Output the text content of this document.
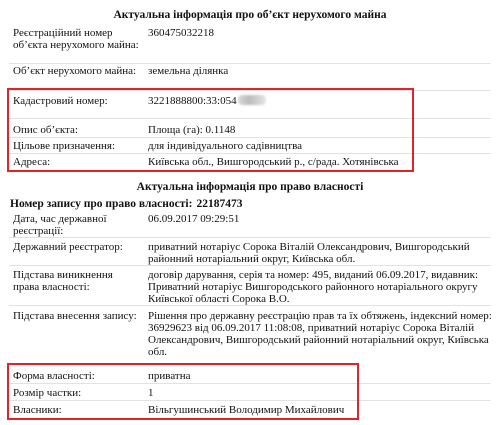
Актуальна інформація про об’єкт нерухомого майна
Реєстраційний номер об’єкта нерухомого майна:
360475032218
Об’єкт нерухомого майна: земельна ділянка
Кадастровий номер:	3221888800:33:054
Опис об’єкта:	Площа (га): 0.1148
Цільове призначення:	для індивідуального садівництва
Адреса:	Київська обл., Вишгородський р., с/рада. Хотянівська
Актуальна інформація про право власності
Номер запису про право власності: 22187473
Дата, час державної реєстрації:
06.09.2017 09:29:51
Державний реєстратор:	приватний нотаріус Сорока Віталій Олександрович, Вишгородський районний нотаріальний округ, Київська обл.
Підстава виникнення права власності:
договір дарування, серія та номер: 495, виданий 06.09.2017, видавник: Приватний нотаріус Вишгородського районного нотаріального округу Київської області Сорока В.О.
Підстава внесення запису: Рішення про державну реєстрацію прав та їх обтяжень, індексний номер: 36929623 від 06.09.2017 11:08:08, приватний нотаріус Сорока Віталій Олександрович, Вишгородський районний нотаріальний округ, Київська обл.
Форма власності:	приватна
Розмір частки:	1
Власники:	Вільгушинський Володимир Михайлович
